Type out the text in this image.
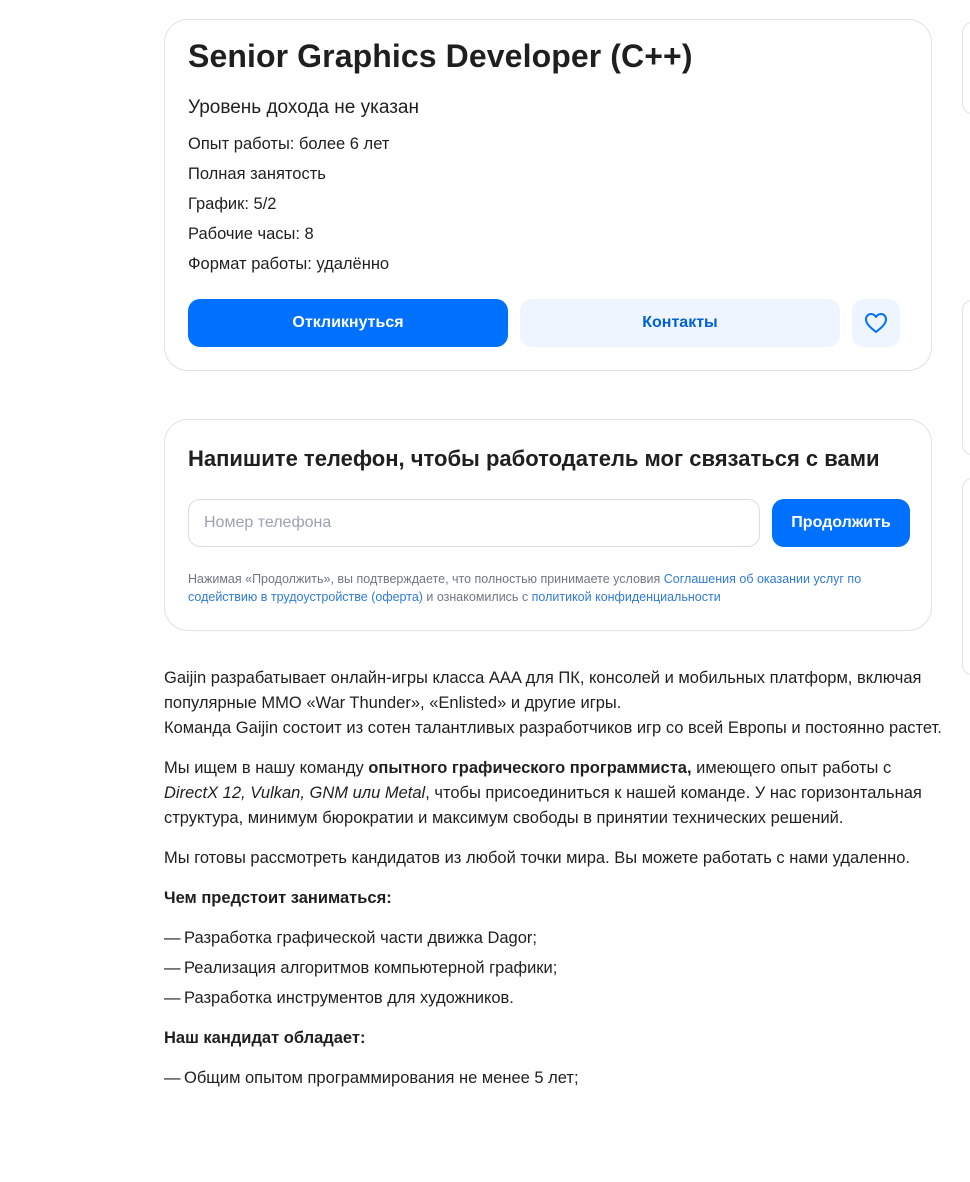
Senior Graphics Developer (C++)
Уровень дохода не указан
Опыт работы: более 6 лет
Полная занятость
График: 5/2
Рабочие часы: 8
Формат работы: удалённо
Откликнуться	Контакты
Напишите телефон, чтобы работодатель мог связаться с вами
Номер телефона
Продолжить

Нажимая «Продолжить», вы подтверждаете, что полностью принимаете условия Соглашения об оказании услуг по содействию в трудоустройстве (оферта) и ознакомились с политикой конфиденциальности

Gaijin разрабатывает онлайн-игры класса AAA для ПК, консолей и мобильных платформ, включая популярные MMO «War Thunder», «Enlisted» и другие игры.
Команда Gaijin состоит из сотен талантливых разработчиков игр со всей Европы и постоянно растет.

Мы ищем в нашу команду опытного графического программиста, имеющего опыт работы с DirectX 12, Vulkan, GNM или Metal, чтобы присоединиться к нашей команде. У нас горизонтальная структура, минимум бюрократии и максимум свободы в принятии технических решений.

Мы готовы рассмотреть кандидатов из любой точки мира. Вы можете работать с нами удаленно.

Чем предстоит заниматься:
— Разработка графической части движка Dagor;
— Реализация алгоритмов компьютерной графики;
— Разработка инструментов для художников.
Наш кандидат обладает:
— Общим опытом программирования не менее 5 лет;
